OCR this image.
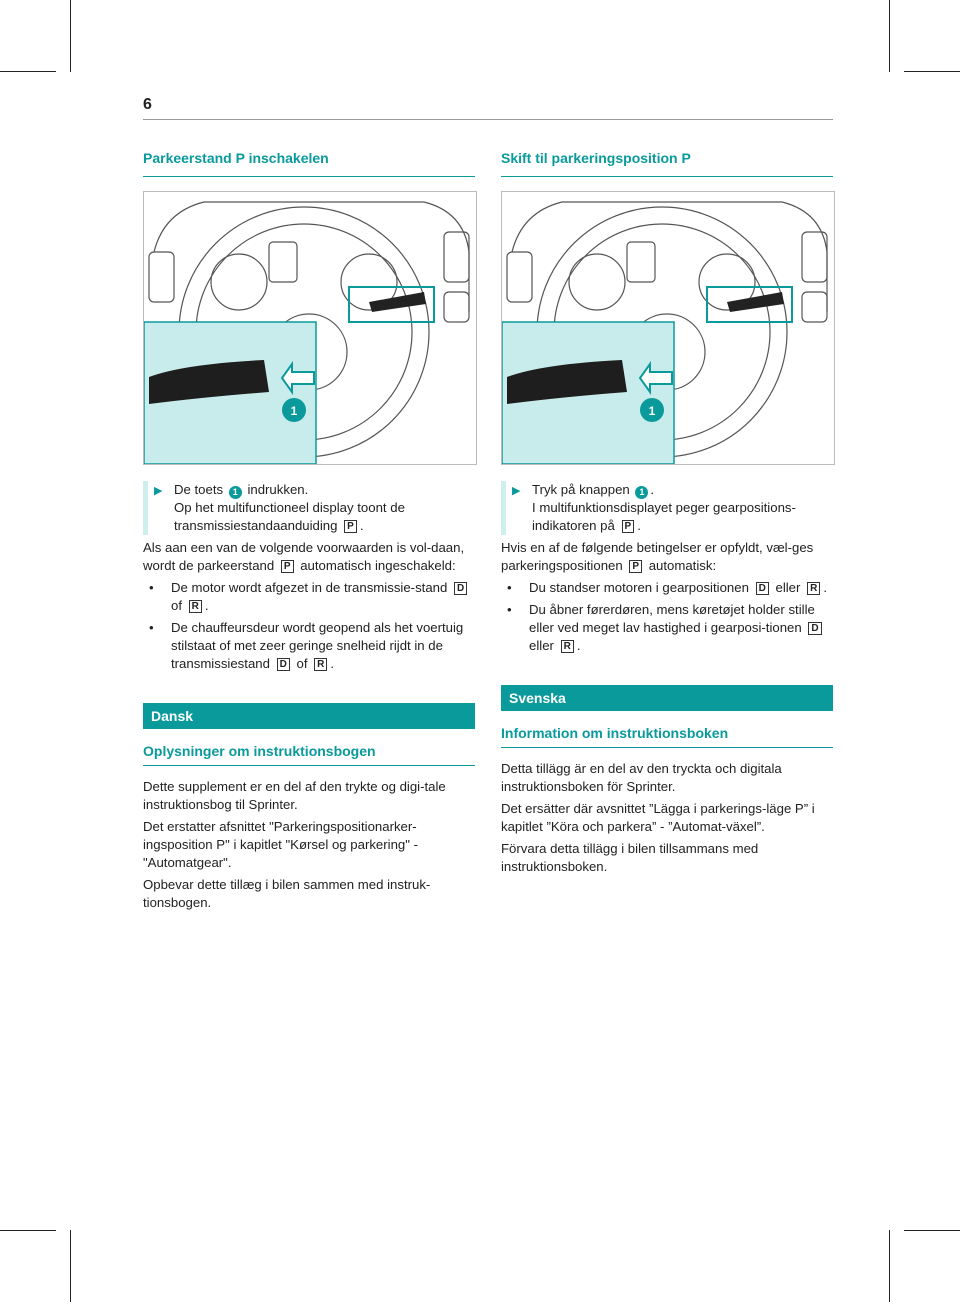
6
Parkeerstand P inschakelen
1
▶ De toets 1 indrukken.
Op het multifunctioneel display toont de transmissiestandaanduiding P .

Als aan een van de volgende voorwaarden is vol-daan, wordt de parkeerstand P automatisch ingeschakeld:

•	De motor wordt afgezet in de transmissie-stand D of R .
•	De chauffeursdeur wordt geopend als het voertuig stilstaat of met zeer geringe snelheid rijdt in de transmissiestand D of R .
Dansk
Oplysninger om instruktionsbogen

Dette supplement er en del af den trykte og digi-tale instruktionsbog til Sprinter.

Det erstatter afsnittet "Parkeringspositionarker-ingsposition P" i kapitlet "Kørsel og parkering" - "Automatgear".

Opbevar dette tillæg i bilen sammen med instruk-tionsbogen.

Skift til parkeringsposition P
1
▶ Tryk på knappen 1 .
I multifunktionsdisplayet peger gearpositions-indikatoren på P .

Hvis en af de følgende betingelser er opfyldt, væl-ges parkeringspositionen P automatisk:

•	Du standser motoren i gearpositionen D eller R .
•	Du åbner førerdøren, mens køretøjet holder stille eller ved meget lav hastighed i gearposi-tionen D eller R .
Svenska
Information om instruktionsboken

Detta tillägg är en del av den tryckta och digitala instruktionsboken för Sprinter.

Det ersätter där avsnittet ”Lägga i parkerings-läge P” i kapitlet ”Köra och parkera” - ”Automat-växel”.

Förvara detta tillägg i bilen tillsammans med instruktionsboken.
